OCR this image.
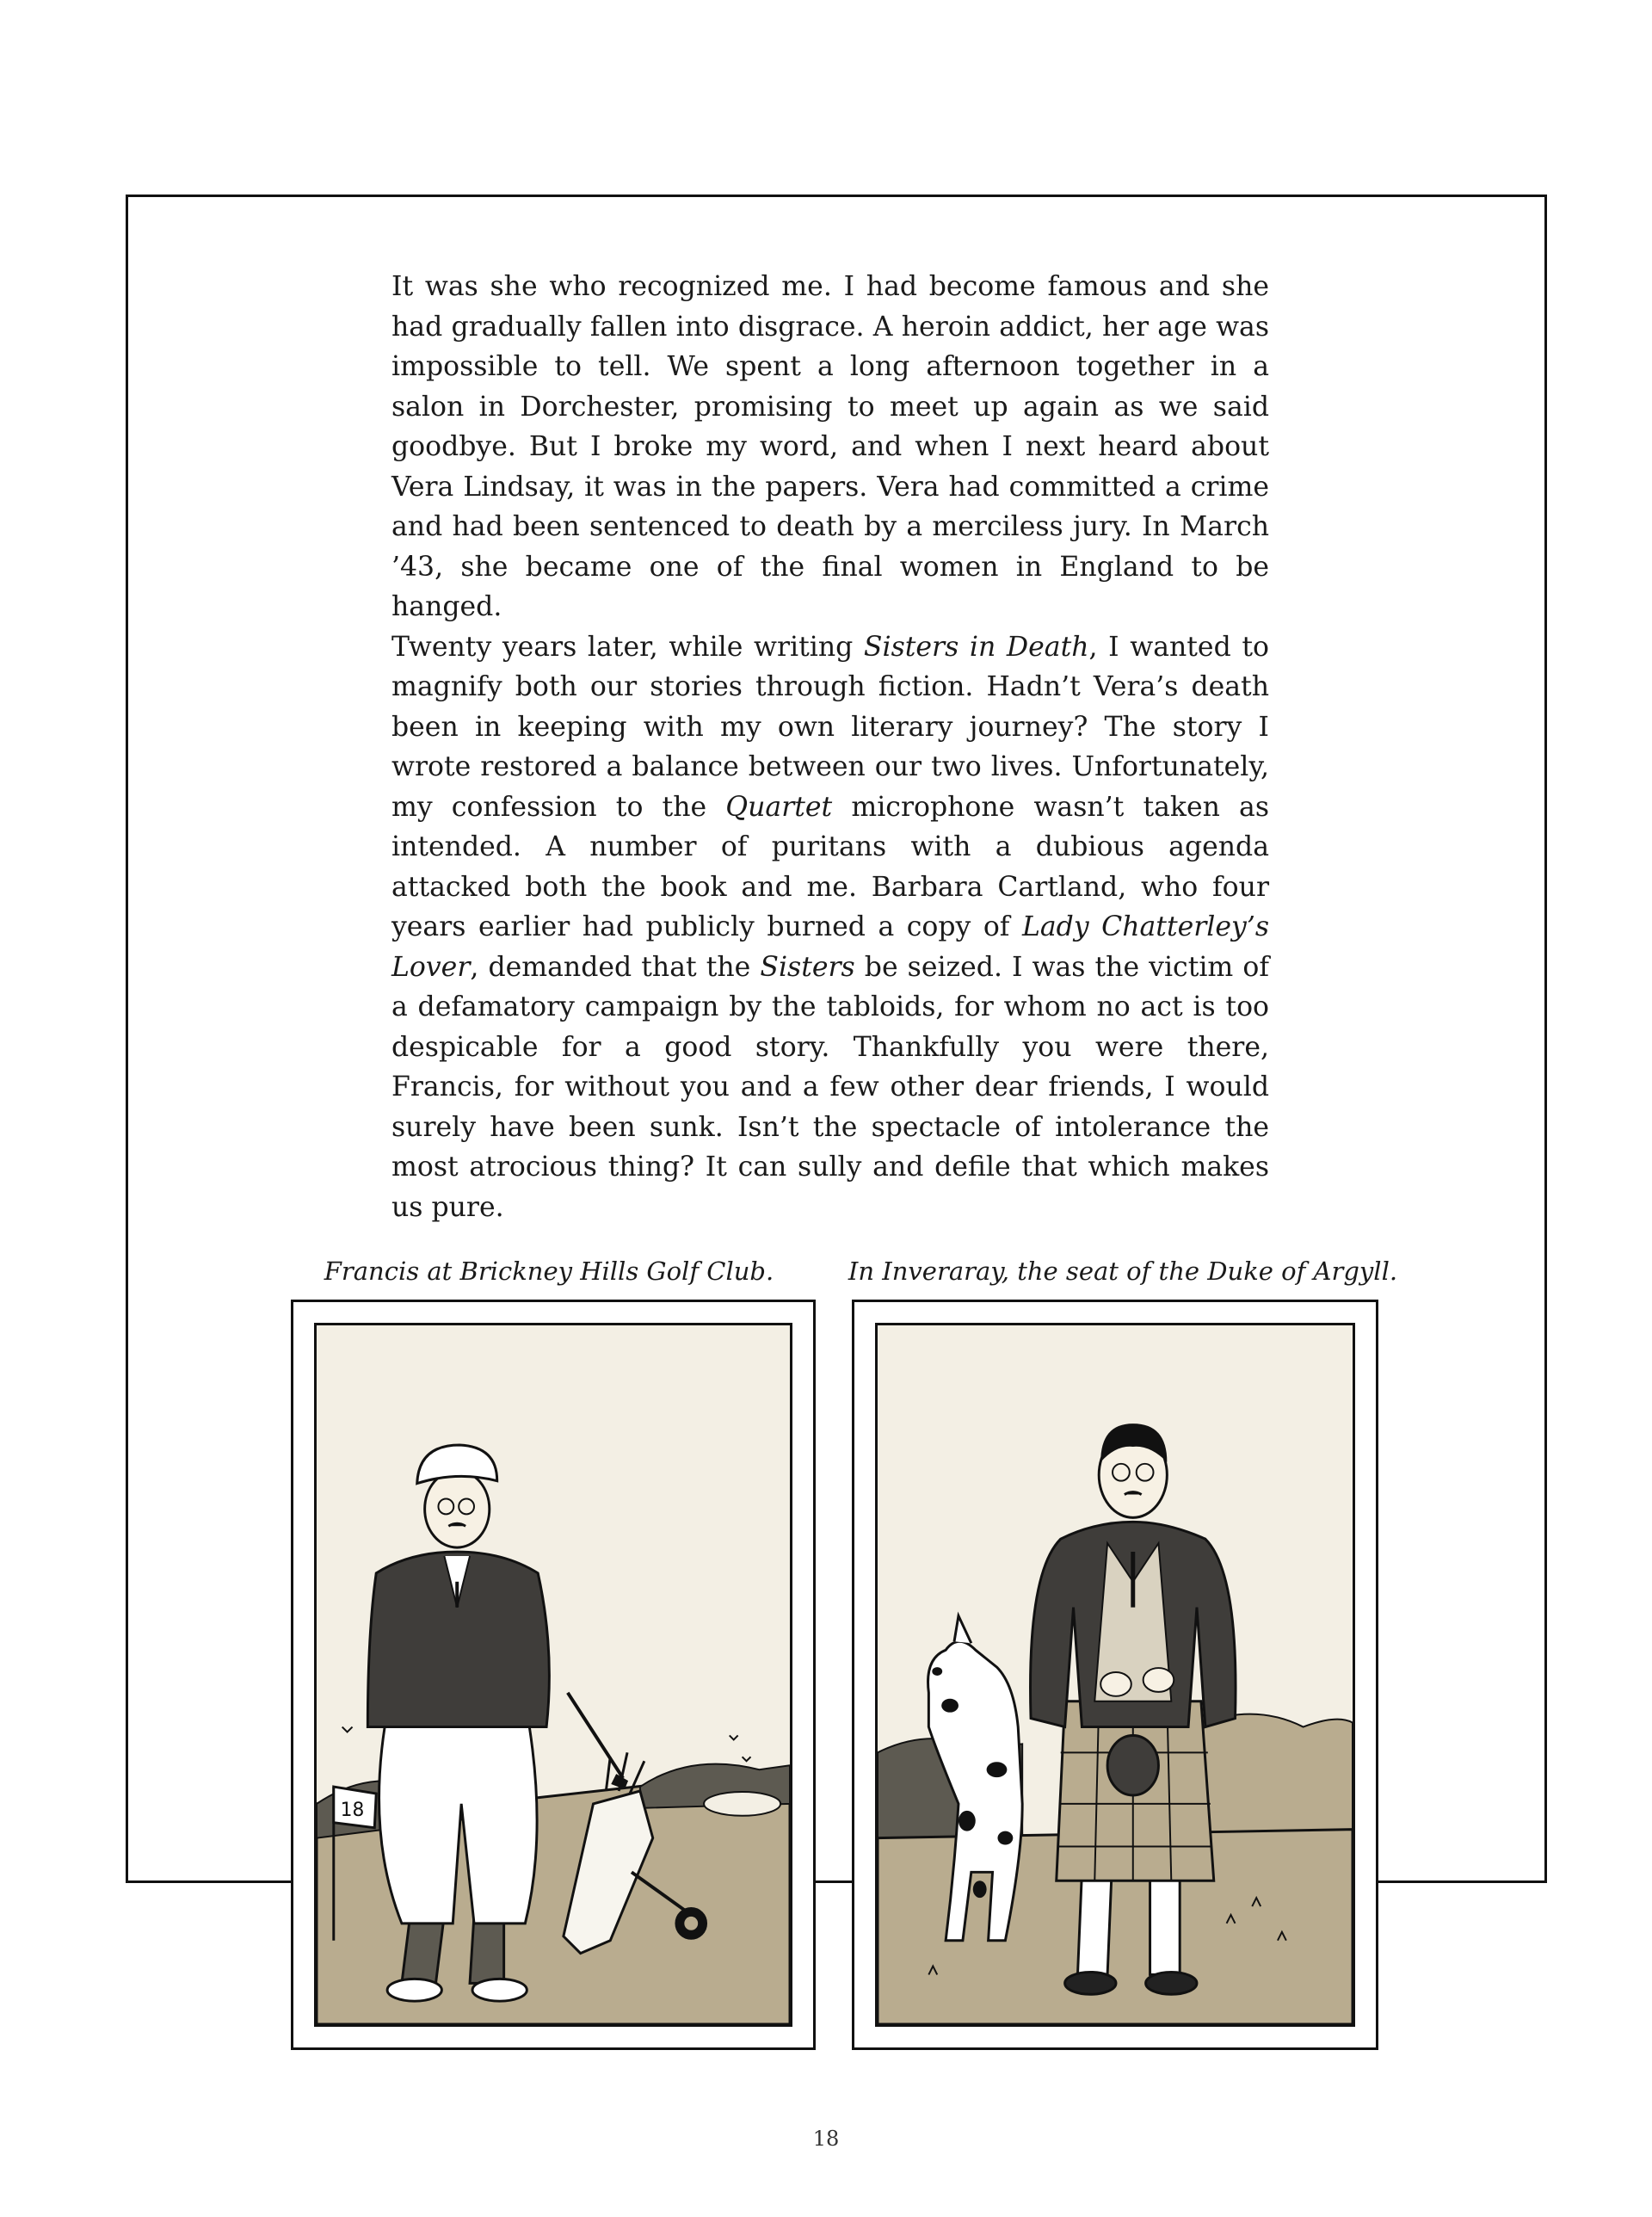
It was she who recognized me. I had become famous and she had gradually fallen into disgrace. A heroin addict, her age was impossible to tell. We spent a long afternoon together in a salon in Dorchester, promising to meet up again as we said goodbye. But I broke my word, and when I next heard about Vera Lindsay, it was in the papers. Vera had committed a crime and had been sentenced to death by a merciless jury. In March ’43, she became one of the final women in England to be hanged.

Twenty years later, while writing Sisters in Death, I wanted to magnify both our stories through fiction. Hadn’t Vera’s death been in keeping with my own literary journey? The story I wrote restored a balance between our two lives. Unfortunately, my confession to the Quartet microphone wasn’t taken as intended. A number of puritans with a dubious agenda attacked both the book and me. Barbara Cartland, who four years earlier had publicly burned a copy of Lady Chatterley’s Lover, demanded that the Sisters be seized. I was the victim of a defamatory campaign by the tabloids, for whom no act is too despicable for a good story. Thankfully you were there, Francis, for without you and a few other dear friends, I would surely have been sunk. Isn’t the spectacle of intolerance the most atrocious thing? It can sully and defile that which makes us pure.

Francis at Brickney Hills Golf Club.	In Inveraray, the seat of the Duke of Argyll.
18
18
